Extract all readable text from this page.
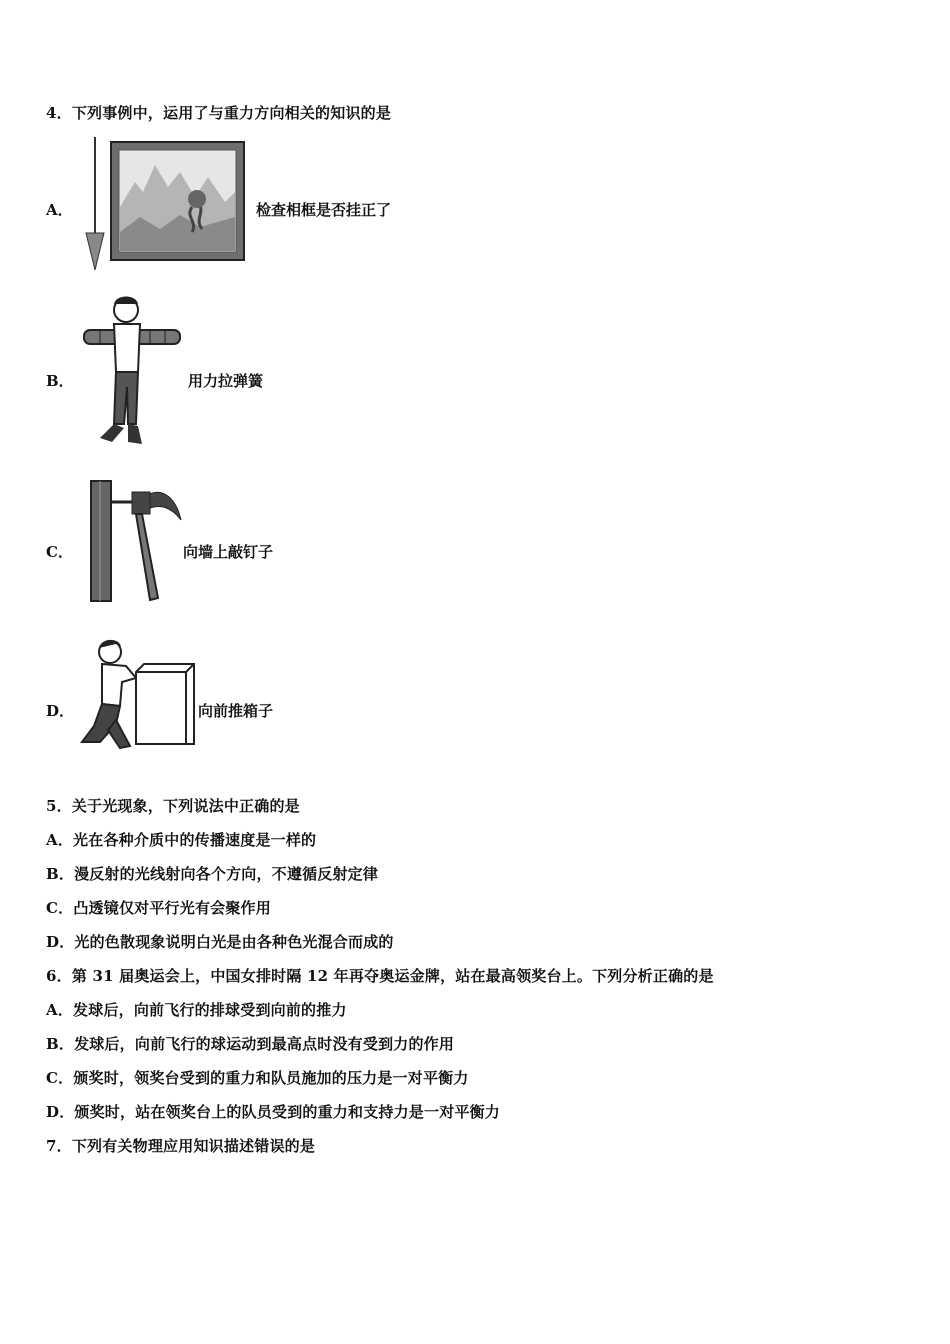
4．下列事例中，运用了与重力方向相关的知识的是
A．	检查相框是否挂正了
B．	用力拉弹簧
C．	向墙上敲钉子
D．	向前推箱子
5．关于光现象，下列说法中正确的是
A．光在各种介质中的传播速度是一样的
B．漫反射的光线射向各个方向，不遵循反射定律
C．凸透镜仅对平行光有会聚作用
D．光的色散现象说明白光是由各种色光混合而成的
6．第 31 届奥运会上，中国女排时隔 12 年再夺奥运金牌，站在最高领奖台上。下列分析正确的是
A．发球后，向前飞行的排球受到向前的推力
B．发球后，向前飞行的球运动到最高点时没有受到力的作用
C．颁奖时，领奖台受到的重力和队员施加的压力是一对平衡力
D．颁奖时，站在领奖台上的队员受到的重力和支持力是一对平衡力
7．下列有关物理应用知识描述错误的是
